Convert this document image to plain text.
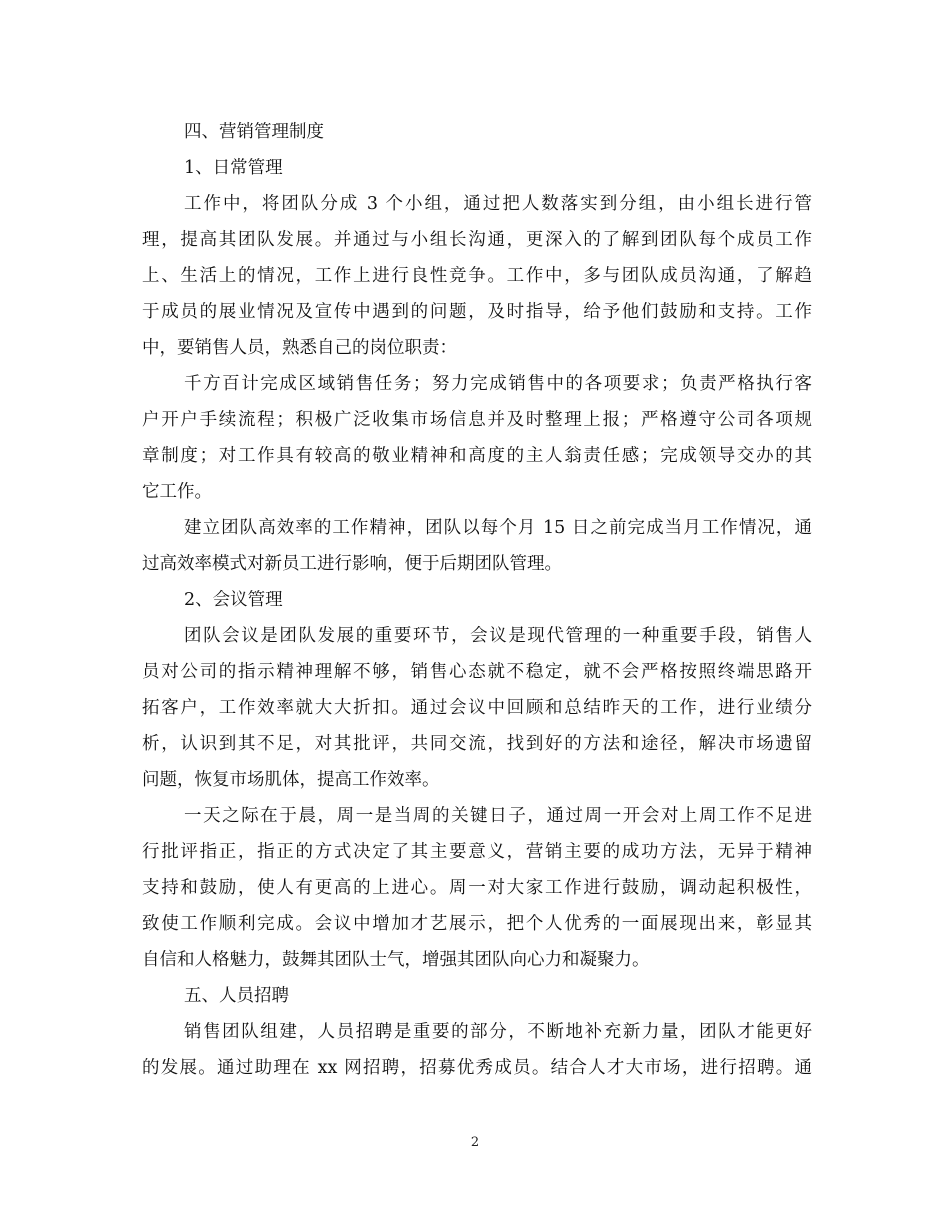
四、营销管理制度
1、日常管理
工作中，将团队分成 3 个小组，通过把人数落实到分组，由小组长进行管
理，提高其团队发展。并通过与小组长沟通，更深入的了解到团队每个成员工作
上、生活上的情况，工作上进行良性竞争。工作中，多与团队成员沟通，了解趋
于成员的展业情况及宣传中遇到的问题，及时指导，给予他们鼓励和支持。工作
中，要销售人员，熟悉自己的岗位职责：
千方百计完成区域销售任务；努力完成销售中的各项要求；负责严格执行客
户开户手续流程；积极广泛收集市场信息并及时整理上报；严格遵守公司各项规
章制度；对工作具有较高的敬业精神和高度的主人翁责任感；完成领导交办的其
它工作。
建立团队高效率的工作精神，团队以每个月 15 日之前完成当月工作情况，通
过高效率模式对新员工进行影响，便于后期团队管理。
2、会议管理
团队会议是团队发展的重要环节，会议是现代管理的一种重要手段，销售人
员对公司的指示精神理解不够，销售心态就不稳定，就不会严格按照终端思路开
拓客户，工作效率就大大折扣。通过会议中回顾和总结昨天的工作，进行业绩分
析，认识到其不足，对其批评，共同交流，找到好的方法和途径，解决市场遗留
问题，恢复市场肌体，提高工作效率。
一天之际在于晨，周一是当周的关键日子，通过周一开会对上周工作不足进
行批评指正，指正的方式决定了其主要意义，营销主要的成功方法，无异于精神
支持和鼓励，使人有更高的上进心。周一对大家工作进行鼓励，调动起积极性，
致使工作顺利完成。会议中增加才艺展示，把个人优秀的一面展现出来，彰显其
自信和人格魅力，鼓舞其团队士气，增强其团队向心力和凝聚力。
五、人员招聘
销售团队组建，人员招聘是重要的部分，不断地补充新力量，团队才能更好
的发展。通过助理在 xx 网招聘，招募优秀成员。结合人才大市场，进行招聘。通
2
